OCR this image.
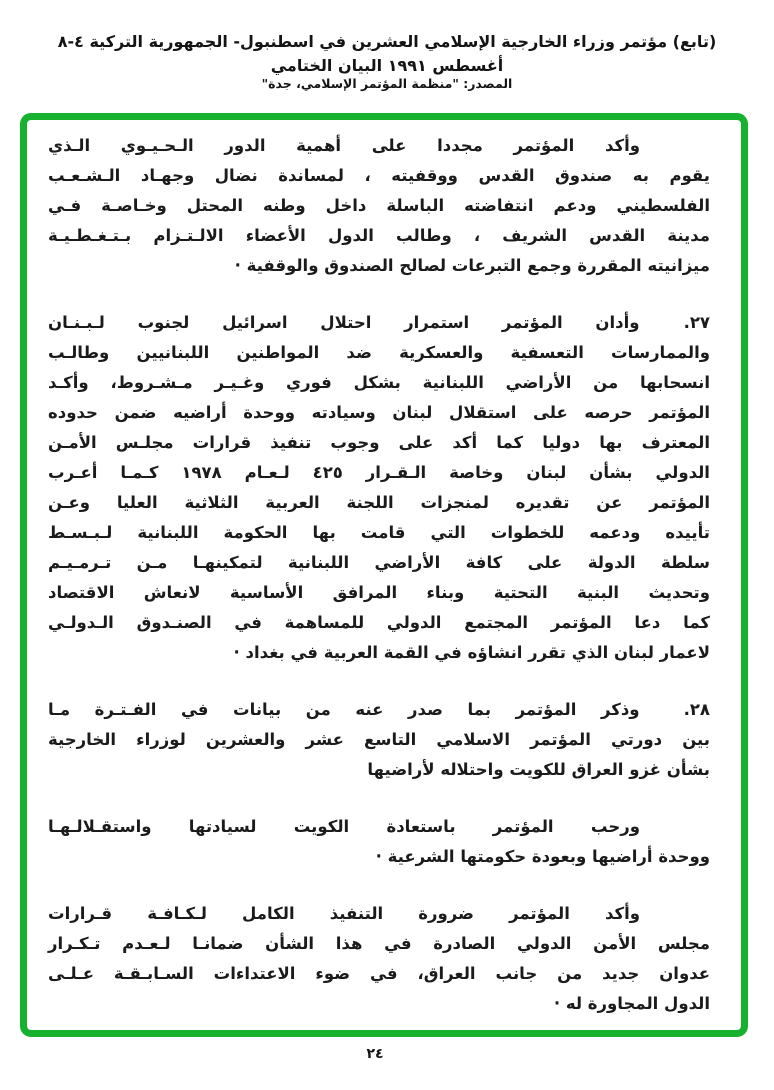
(تابع) مؤتمر وزراء الخارجية الإسلامي العشرين في اسطنبول- الجمهورية التركية ٤-٨ أغسطس ١٩٩١ البيان الختامي
المصدر: "منظمة المؤتمر الإسلامي، جدة"
وأكد المؤتمر مجددا على أهمية الدور الـحـيـوي الـذي
يقوم به صندوق القدس ووقفيته ، لمساندة نضال وجهـاد الـشـعـب
الفلسطيني ودعم انتفاضته الباسلة داخل وطنه المحتل وخـاصـة فـي
مدينة القدس الشريف ، وطالب الدول الأعضاء الالـتـزام بـتـغـطـيـة
ميزانيته المقررة وجمع التبرعات لصالح الصندوق والوقفية ·
٢٧.وأدان المؤتمر استمرار احتلال اسرائيل لجنوب لـبـنـان
والممارسات التعسفية والعسكرية ضد المواطنين اللبنانيين وطالـب
انسحابها من الأراضي اللبنانية بشكل فوري وغـيـر مـشـروط، وأكـد
المؤتمر حرصه على استقلال لبنان وسيادته ووحدة أراضيه ضمن حدوده
المعترف بها دوليا كما أكد على وجوب تنفيذ قرارات مجلـس الأمـن
الدولي بشأن لبنان وخاصة الـقـرار ٤٢٥ لـعـام ١٩٧٨ كـمـا أعـرب
المؤتمر عن تقديره لمنجزات اللجنة العربية الثلاثية العليا وعـن
تأييده ودعمه للخطوات التي قامت بها الحكومة اللبنانية لـبـسـط
سلطة الدولة على كافة الأراضي اللبنانية لتمكينهـا مـن تـرمـيـم
وتحديث البنية التحتية وبناء المرافق الأساسية لانعاش الاقتصاد
كما دعا المؤتمر المجتمع الدولي للمساهمة في الصنـدوق الـدولـي
لاعمار لبنان الذي تقرر انشاؤه في القمة العربية في بغداد ·
٢٨.وذكر المؤتمر بما صدر عنه من بيانات في الفـتـرة مـا
بين دورتي المؤتمر الاسلامي التاسع عشر والعشرين لوزراء الخارجية
بشأن غزو العراق للكويت واحتلاله لأراضيها
ورحب المؤتمر باستعادة الكويت لسيادتها واستقـلالـهـا
ووحدة أراضيها وبعودة حكومتها الشرعية ·
وأكد المؤتمر ضرورة التنفيذ الكامل لـكـافـة قـرارات
مجلس الأمن الدولي الصادرة في هذا الشأن ضمانـا لـعـدم تـكـرار
عدوان جديد من جانب العراق، في ضوء الاعتداءات السـابـقـة عـلـى
الدول المجاورة له ·
٢٤
